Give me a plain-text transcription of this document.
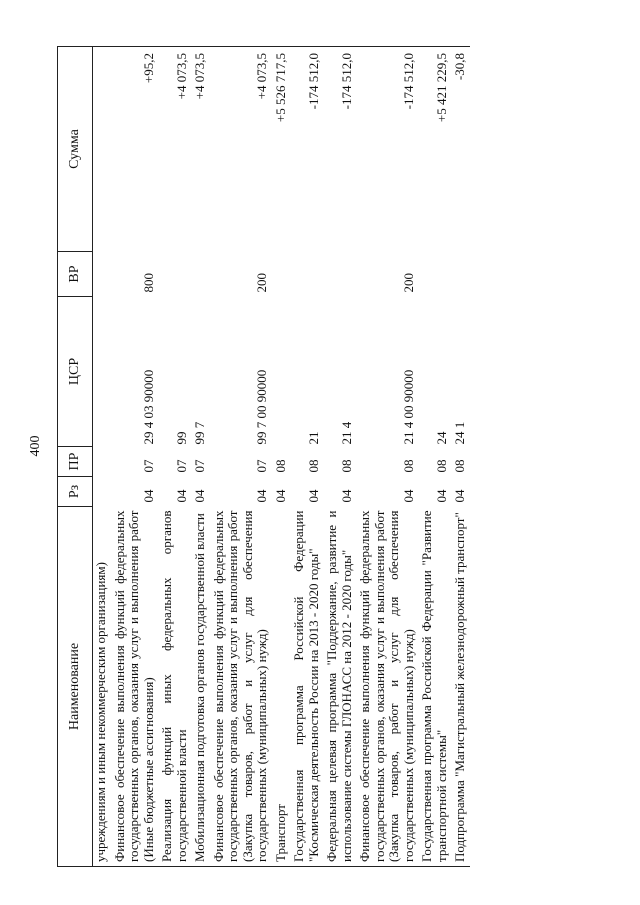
400
Наименование	Рз	ПР	ЦСР	ВР	Сумма
учреждениям и иным некоммерческим организациям)					
Финансовое обеспечение выполнения функций федеральных государственных органов, оказания услуг и выполнения работ (Иные бюджетные ассигнования)	04	07	29 4 03 90000	800	+95,2
Реализация функций иных федеральных органов государственной власти	04	07	99		+4 073,5
Мобилизационная подготовка органов государственной власти	04	07	99 7		+4 073,5
Финансовое обеспечение выполнения функций федеральных государственных органов, оказания услуг и выполнения работ (Закупка товаров, работ и услуг для обеспечения государственных (муниципальных) нужд)	04	07	99 7 00 90000	200	+4 073,5
Транспорт	04	08			+5 526 717,5
Государственная программа Российской Федерации "Космическая деятельность России на 2013 - 2020 годы"	04	08	21		-174 512,0
Федеральная целевая программа "Поддержание, развитие и использование системы ГЛОНАСС на 2012 - 2020 годы"	04	08	21 4		-174 512,0
Финансовое обеспечение выполнения функций федеральных государственных органов, оказания услуг и выполнения работ (Закупка товаров, работ и услуг для обеспечения государственных (муниципальных) нужд)	04	08	21 4 00 90000	200	-174 512,0
Государственная программа Российской Федерации "Развитие транспортной системы"	04	08	24		+5 421 229,5
Подпрограмма "Магистральный железнодорожный транспорт"	04	08	24 1		-30,8
